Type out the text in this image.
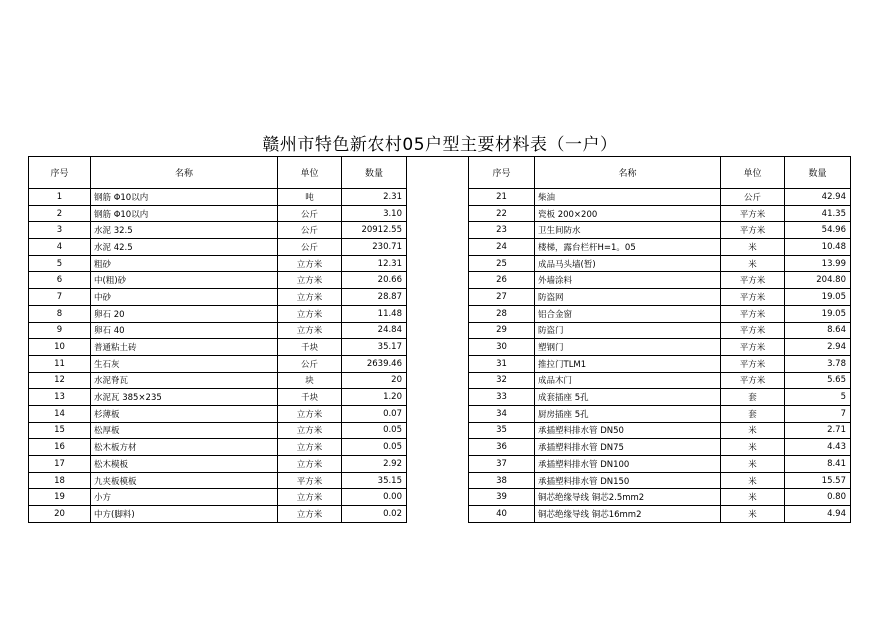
赣州市特色新农村05户型主要材料表（一户）
序号	名称	单位	数量
1	钢筋 Φ10以内	吨	2.31
2	钢筋 Φ10以内	公斤	3.10
3	水泥 32.5	公斤	20912.55
4	水泥 42.5	公斤	230.71
5	粗砂	立方米	12.31
6	中(粗)砂	立方米	20.66
7	中砂	立方米	28.87
8	卵石 20	立方米	11.48
9	卵石 40	立方米	24.84
10	普通粘土砖	千块	35.17
11	生石灰	公斤	2639.46
12	水泥脊瓦	块	20
13	水泥瓦 385×235	千块	1.20
14	杉薄板	立方米	0.07
15	松厚板	立方米	0.05
16	松木板方材	立方米	0.05
17	松木模板	立方米	2.92
18	九夹板模板	平方米	35.15
19	小方	立方米	0.00
20	中方(脚料)	立方米	0.02
序号	名称	单位	数量
21	柴油	公斤	42.94
22	瓷板 200×200	平方米	41.35
23	卫生间防水	平方米	54.96
24	楼梯，露台栏杆H=1。05	米	10.48
25	成品马头墙(暂)	米	13.99
26	外墙涂料	平方米	204.80
27	防盗网	平方米	19.05
28	铝合金窗	平方米	19.05
29	防盗门	平方米	8.64
30	塑钢门	平方米	2.94
31	推拉门TLM1	平方米	3.78
32	成品木门	平方米	5.65
33	成套插座 5孔	套	5
34	厨房插座 5孔	套	7
35	承插塑料排水管 DN50	米	2.71
36	承插塑料排水管 DN75	米	4.43
37	承插塑料排水管 DN100	米	8.41
38	承插塑料排水管 DN150	米	15.57
39	铜芯绝缘导线 铜芯2.5mm2	米	0.80
40	铜芯绝缘导线 铜芯16mm2	米	4.94
